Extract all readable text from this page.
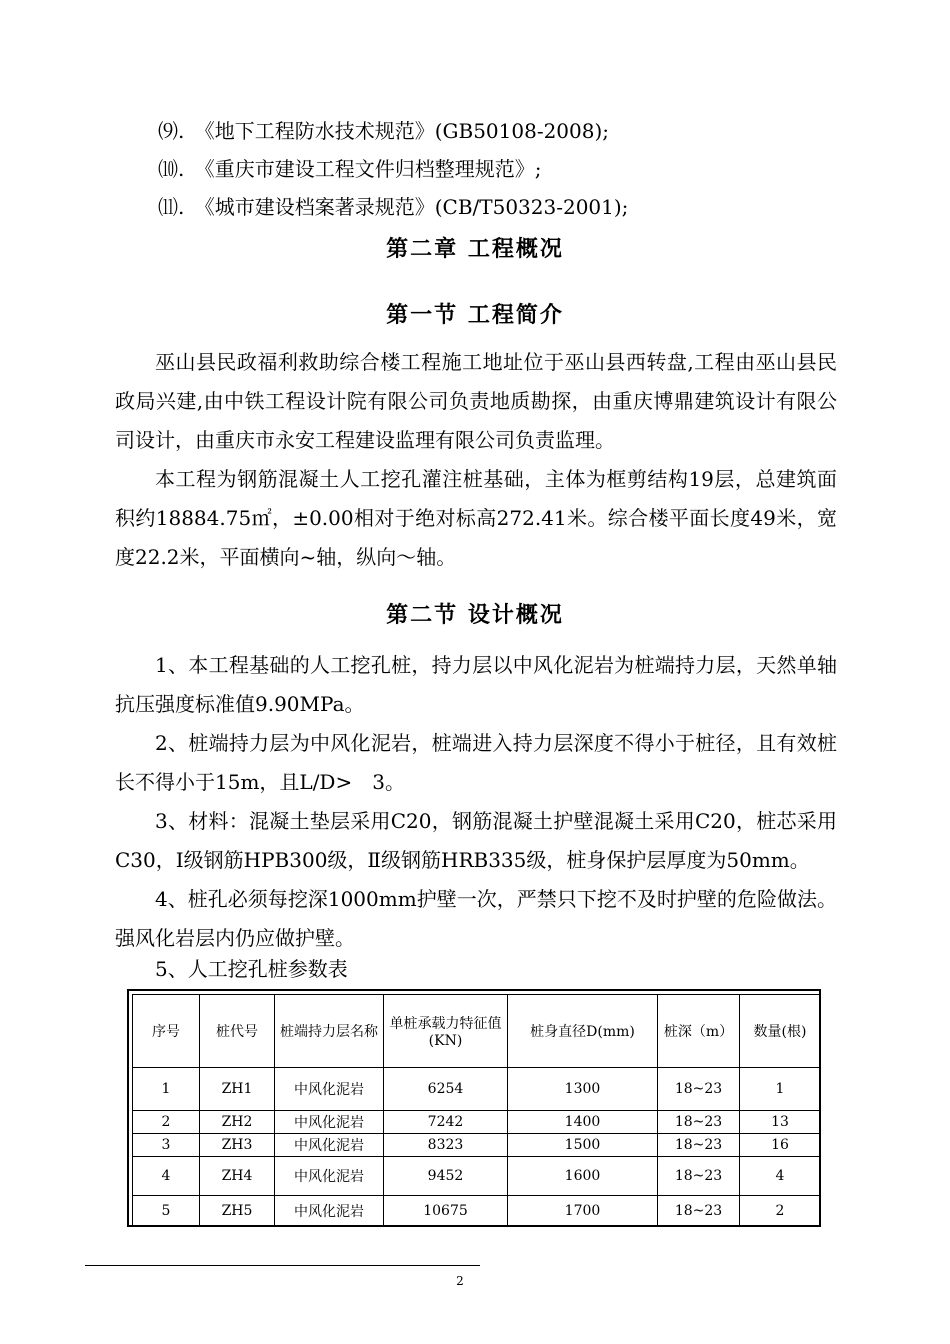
⑼. 《地下工程防水技术规范》(GB50108-2008);
⑽. 《重庆市建设工程文件归档整理规范》;
⑾. 《城市建设档案著录规范》(CB/T50323-2001);
第二章 工程概况
第一节 工程简介
巫山县民政福利救助综合楼工程施工地址位于巫山县西转盘,工程由巫山县民政局兴建,由中铁工程设计院有限公司负责地质勘探，由重庆博鼎建筑设计有限公司设计，由重庆市永安工程建设监理有限公司负责监理。
本工程为钢筋混凝土人工挖孔灌注桩基础，主体为框剪结构19层，总建筑面积约18884.75㎡，±0.00相对于绝对标高272.41米。综合楼平面长度49米，宽度22.2米，平面横向~轴，纵向～轴。
第二节 设计概况
1、本工程基础的人工挖孔桩，持力层以中风化泥岩为桩端持力层，天然单轴抗压强度标准值9.90MPa。
2、桩端持力层为中风化泥岩，桩端进入持力层深度不得小于桩径，且有效桩长不得小于15m，且L/D>　3。
3、材料：混凝土垫层采用C20，钢筋混凝土护壁混凝土采用C20，桩芯采用C30，Ⅰ级钢筋HPB300级，Ⅱ级钢筋HRB335级，桩身保护层厚度为50mm。
4、桩孔必须每挖深1000mm护壁一次，严禁只下挖不及时护壁的危险做法。强风化岩层内仍应做护壁。
5、人工挖孔桩参数表
序号	桩代号	桩端持力层名称	单桩承载力特征值(KN)	桩身直径D(mm)	桩深（m）	数量(根)
1	ZH1	中风化泥岩	6254	1300	18~23	1
2	ZH2	中风化泥岩	7242	1400	18~23	13
3	ZH3	中风化泥岩	8323	1500	18~23	16
4	ZH4	中风化泥岩	9452	1600	18~23	4
5	ZH5	中风化泥岩	10675	1700	18~23	2
2
